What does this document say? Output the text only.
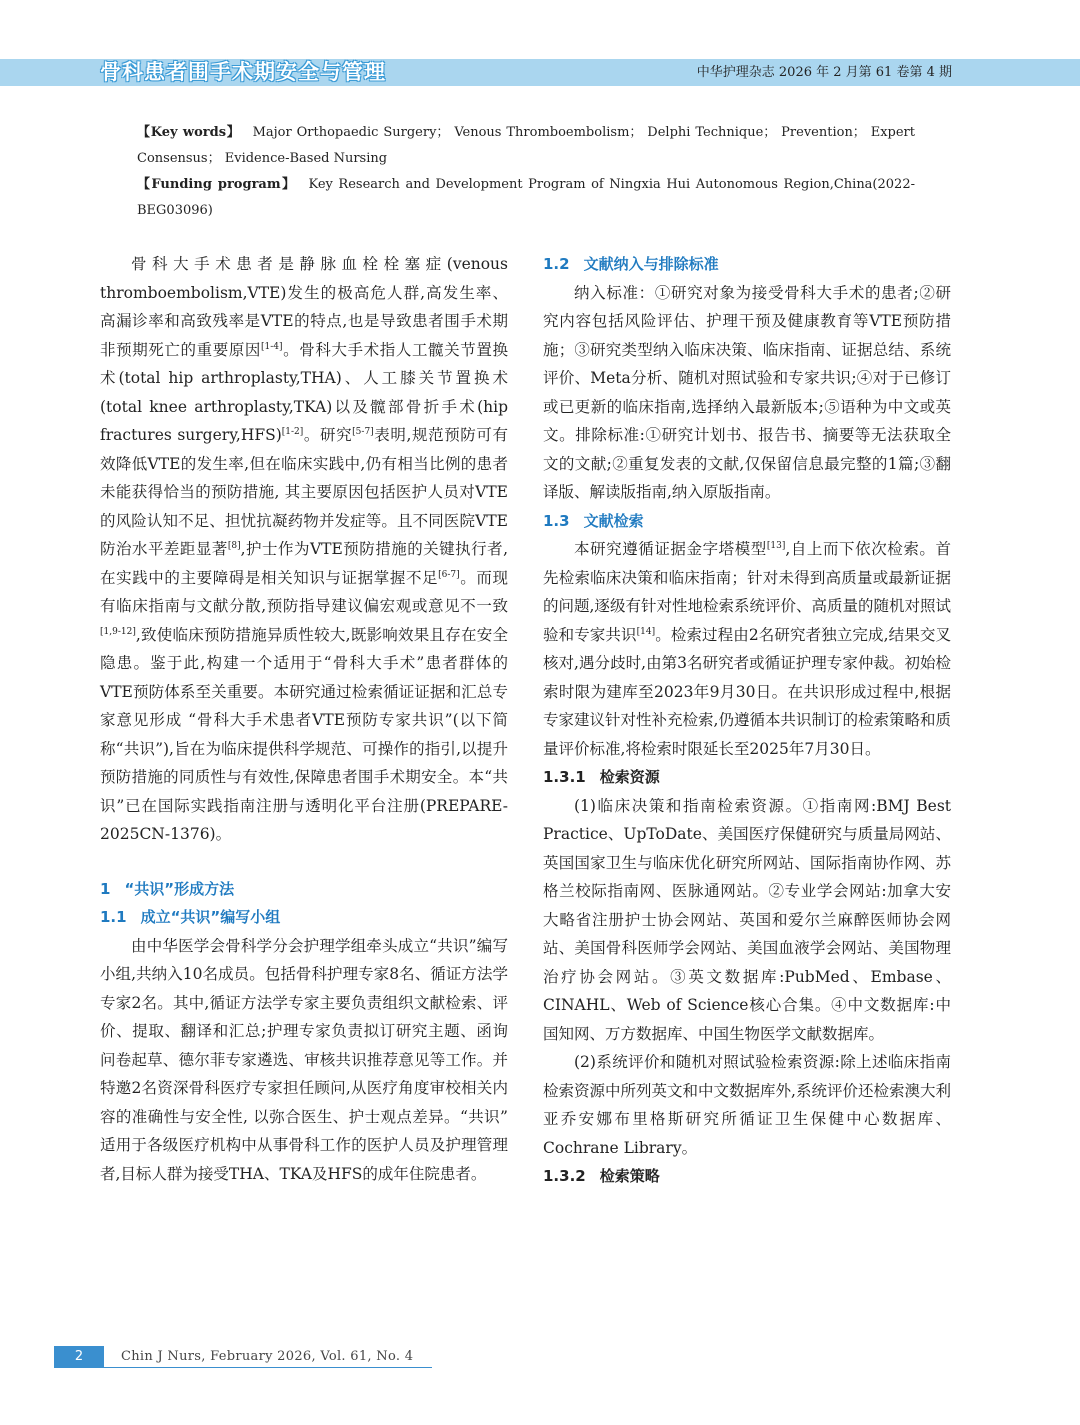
骨科患者围手术期安全与管理	中华护理杂志 2026 年 2 月第 61 卷第 4 期

【Key words】 Major Orthopaedic Surgery； Venous Thromboembolism； Delphi Technique； Prevention； Expert Consensus； Evidence-Based Nursing

【Funding program】 Key Research and Development Program of Ningxia Hui Autonomous Region,China(2022-BEG03096)

骨科大手术患者是静脉血栓栓塞症(venous thromboembolism,VTE)发生的极高危人群,高发生率、高漏诊率和高致残率是VTE的特点,也是导致患者围手术期非预期死亡的重要原因[1-4]。骨科大手术指人工髋关节置换术(total hip arthroplasty,THA)、人工膝关节置换术(total knee arthroplasty,TKA)以及髋部骨折手术(hip fractures surgery,HFS)[1-2]。研究[5-7]表明,规范预防可有效降低VTE的发生率,但在临床实践中,仍有相当比例的患者未能获得恰当的预防措施, 其主要原因包括医护人员对VTE的风险认知不足、担忧抗凝药物并发症等。且不同医院VTE防治水平差距显著[8],护士作为VTE预防措施的关键执行者,在实践中的主要障碍是相关知识与证据掌握不足[6-7]。而现有临床指南与文献分散,预防指导建议偏宏观或意见不一致[1,9-12],致使临床预防措施异质性较大,既影响效果且存在安全隐患。鉴于此,构建一个适用于“骨科大手术”患者群体的VTE预防体系至关重要。本研究通过检索循证证据和汇总专家意见形成 “骨科大手术患者VTE预防专家共识”(以下简称“共识”),旨在为临床提供科学规范、可操作的指引,以提升预防措施的同质性与有效性,保障患者围手术期安全。本“共识”已在国际实践指南注册与透明化平台注册(PREPARE-2025CN-1376)。

1 “共识”形成方法

1.1 成立“共识”编写小组

由中华医学会骨科学分会护理学组牵头成立“共识”编写小组,共纳入10名成员。包括骨科护理专家8名、循证方法学专家2名。其中,循证方法学专家主要负责组织文献检索、评价、提取、翻译和汇总;护理专家负责拟订研究主题、函询问卷起草、德尔菲专家遴选、审核共识推荐意见等工作。并特邀2名资深骨科医疗专家担任顾问,从医疗角度审校相关内容的准确性与安全性, 以弥合医生、护士观点差异。“共识” 适用于各级医疗机构中从事骨科工作的医护人员及护理管理者,目标人群为接受THA、TKA及HFS的成年住院患者。

1.2 文献纳入与排除标准

纳入标准：①研究对象为接受骨科大手术的患者;②研究内容包括风险评估、护理干预及健康教育等VTE预防措施；③研究类型纳入临床决策、临床指南、证据总结、系统评价、Meta分析、随机对照试验和专家共识;④对于已修订或已更新的临床指南,选择纳入最新版本;⑤语种为中文或英文。排除标准:①研究计划书、报告书、摘要等无法获取全文的文献;②重复发表的文献,仅保留信息最完整的1篇;③翻译版、解读版指南,纳入原版指南。

1.3 文献检索

本研究遵循证据金字塔模型[13],自上而下依次检索。首先检索临床决策和临床指南；针对未得到高质量或最新证据的问题,逐级有针对性地检索系统评价、高质量的随机对照试验和专家共识[14]。检索过程由2名研究者独立完成,结果交叉核对,遇分歧时,由第3名研究者或循证护理专家仲裁。初始检索时限为建库至2023年9月30日。在共识形成过程中,根据专家建议针对性补充检索,仍遵循本共识制订的检索策略和质量评价标准,将检索时限延长至2025年7月30日。

1.3.1 检索资源

(1)临床决策和指南检索资源。①指南网:BMJ Best Practice、UpToDate、美国医疗保健研究与质量局网站、英国国家卫生与临床优化研究所网站、国际指南协作网、苏格兰校际指南网、医脉通网站。②专业学会网站:加拿大安大略省注册护士协会网站、英国和爱尔兰麻醉医师协会网站、美国骨科医师学会网站、美国血液学会网站、美国物理治疗协会网站。③英文数据库:PubMed、Embase、CINAHL、Web of Science核心合集。④中文数据库:中国知网、万方数据库、中国生物医学文献数据库。

(2)系统评价和随机对照试验检索资源:除上述临床指南检索资源中所列英文和中文数据库外,系统评价还检索澳大利亚乔安娜布里格斯研究所循证卫生保健中心数据库、Cochrane Library。

1.3.2 检索策略

2	Chin J Nurs, February 2026, Vol. 61, No. 4
